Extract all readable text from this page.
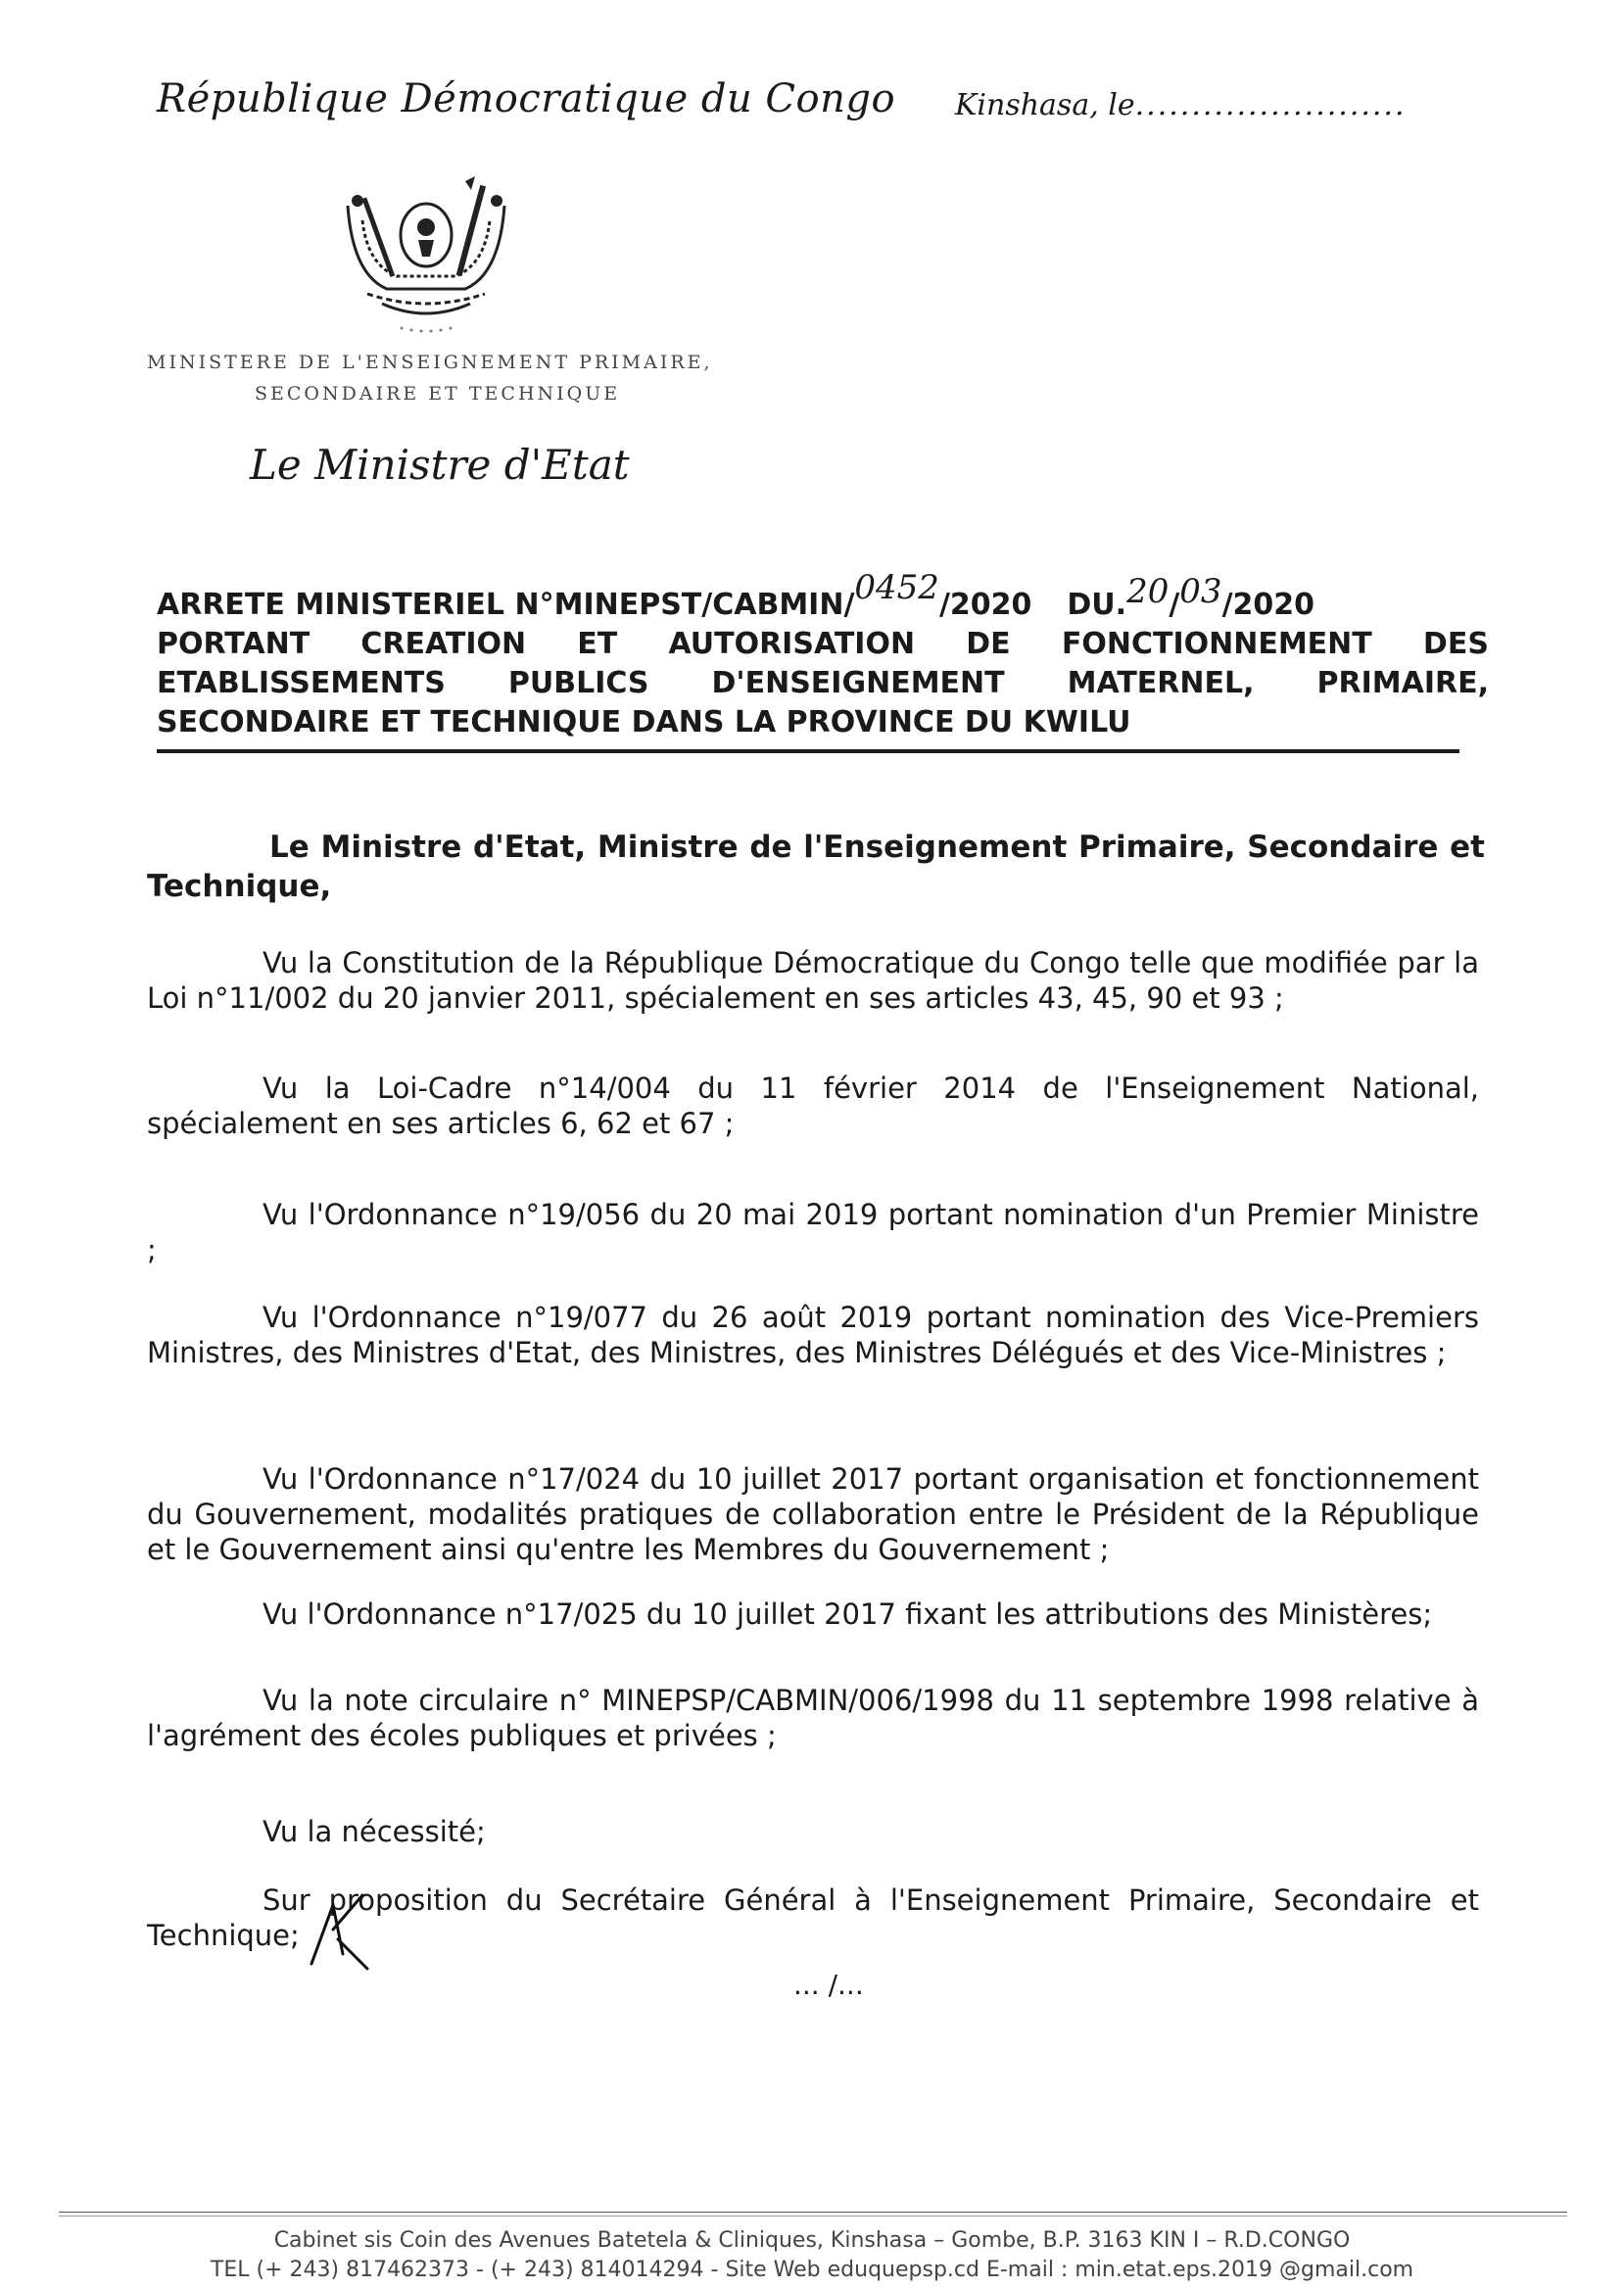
République Démocratique du Congo Kinshasa, le........................
MINISTERE DE L'ENSEIGNEMENT PRIMAIRE,
SECONDAIRE ET TECHNIQUE
Le Ministre d'Etat
ARRETE MINISTERIEL N°MINEPST/CABMIN/ 0452 /2020 DU. 20 / 03 /2020
PORTANT CREATION ET AUTORISATION DE FONCTIONNEMENT DES
ETABLISSEMENTS PUBLICS D'ENSEIGNEMENT MATERNEL, PRIMAIRE,
SECONDAIRE ET TECHNIQUE DANS LA PROVINCE DU KWILU
Le Ministre d'Etat, Ministre de l'Enseignement Primaire, Secondaire et Technique,
Vu la Constitution de la République Démocratique du Congo telle que modifiée par la Loi n°11/002 du 20 janvier 2011, spécialement en ses articles 43, 45, 90 et 93 ;
Vu la Loi-Cadre n°14/004 du 11 février 2014 de l'Enseignement National, spécialement en ses articles 6, 62 et 67 ;
Vu l'Ordonnance n°19/056 du 20 mai 2019 portant nomination d'un Premier Ministre ;
Vu l'Ordonnance n°19/077 du 26 août 2019 portant nomination des Vice-Premiers Ministres, des Ministres d'Etat, des Ministres, des Ministres Délégués et des Vice-Ministres ;
Vu l'Ordonnance n°17/024 du 10 juillet 2017 portant organisation et fonctionnement du Gouvernement, modalités pratiques de collaboration entre le Président de la République et le Gouvernement ainsi qu'entre les Membres du Gouvernement ;
Vu l'Ordonnance n°17/025 du 10 juillet 2017 fixant les attributions des Ministères;
Vu la note circulaire n° MINEPSP/CABMIN/006/1998 du 11 septembre 1998 relative à l'agrément des écoles publiques et privées ;
Vu la nécessité;
Sur proposition du Secrétaire Général à l'Enseignement Primaire, Secondaire et Technique;
... /...
Cabinet sis Coin des Avenues Batetela & Cliniques, Kinshasa – Gombe, B.P. 3163 KIN I – R.D.CONGO
TEL (+ 243) 817462373 - (+ 243) 814014294 - Site Web eduquepsp.cd E-mail : min.etat.eps.2019 @gmail.com
